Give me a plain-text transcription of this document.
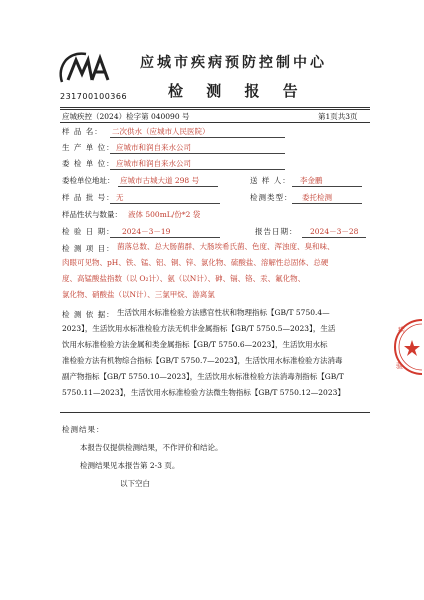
231700100366
应城市疾病预防控制中心
检 测 报 告
应城疾控（2024）检字第 040090 号	第1页共3页
样 品 名： 二次供水（应城市人民医院）
生 产 单 位： 应城市和润自来水公司
委 检 单 位： 应城市和润自来水公司
委检单位地址： 应城市古城大道 298 号	送 样 人： 李金鹏
样 品 批 号： 无	检测类型： 委托检测
样品性状与数量： 液体 500mL/份*2 袋
检 验 日 期： 2024－3－19	报告日期： 2024－3－28
检 测 项 目： 菌落总数、总大肠菌群、大肠埃希氏菌、色度、浑浊度、臭和味、
肉眼可见物、pH、铁、锰、铝、铜、锌、氯化物、硫酸盐、溶解性总固体、总硬
度、高锰酸盐指数（以 O₂计）、氨（以N计）、砷、镉、铬、汞、氟化物、
氯化物、硝酸盐（以N计）、三氯甲烷、游离氯
检 测 依 据： 生活饮用水标准检验方法感官性状和物理指标【GB/T 5750.4—
2023】，生活饮用水标准检验方法无机非金属指标【GB/T 5750.5—2023】，生活
饮用水标准检验方法金属和类金属指标【GB/T 5750.6—2023】，生活饮用水标
准检验方法有机物综合指标【GB/T 5750.7—2023】，生活饮用水标准检验方法消毒
副产物指标【GB/T 5750.10—2023】，生活饮用水标准检验方法消毒剂指标【GB/T
5750.11—2023】，生活饮用水标准检验方法微生物指标【GB/T 5750.12—2023】
检测结果：
本报告仅提供检测结果，不作评价和结论。
检测结果见本报告第 2-3 页。
以下空白
疾
验
